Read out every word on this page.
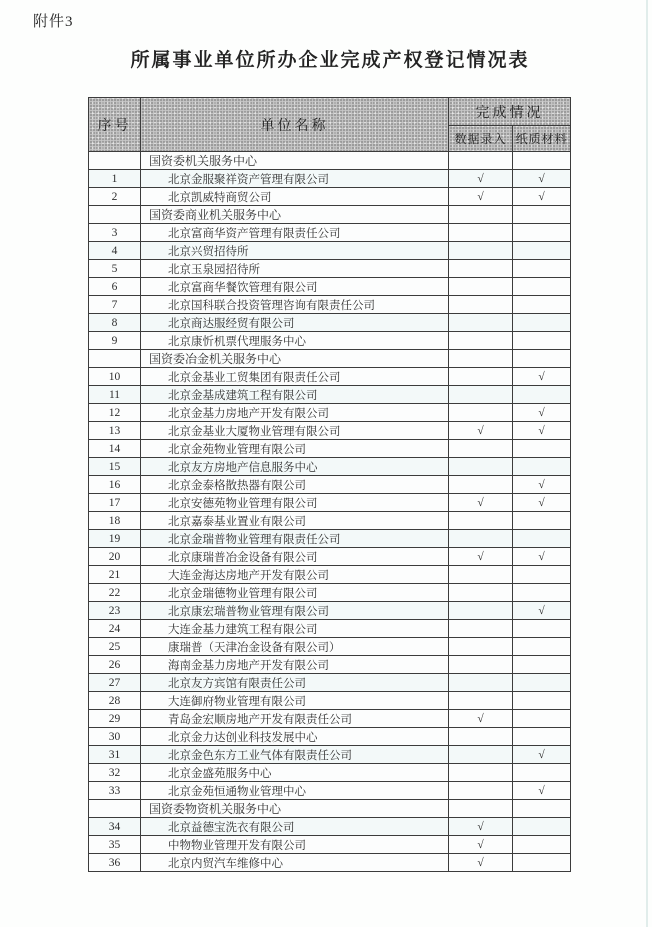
附件3
所属事业单位所办企业完成产权登记情况表
序号	单位名称	完成情况	
		数据录入	纸质材料
	国资委机关服务中心		
1	北京金服聚祥资产管理有限公司	√	√
2	北京凯威特商贸公司	√	√
	国资委商业机关服务中心		
3	北京富商华资产管理有限责任公司		
4	北京兴贸招待所		
5	北京玉泉园招待所		
6	北京富商华餐饮管理有限公司		
7	北京国科联合投资管理咨询有限责任公司		
8	北京商达服经贸有限公司		
9	北京康忻机票代理服务中心		
	国资委冶金机关服务中心		
10	北京金基业工贸集团有限责任公司		√
11	北京金基成建筑工程有限公司		
12	北京金基力房地产开发有限公司		√
13	北京金基业大厦物业管理有限公司	√	√
14	北京金苑物业管理有限公司		
15	北京友方房地产信息服务中心		
16	北京金泰格散热器有限公司		√
17	北京安德苑物业管理有限公司	√	√
18	北京嘉泰基业置业有限公司		
19	北京金瑞普物业管理有限责任公司		
20	北京康瑞普冶金设备有限公司	√	√
21	大连金海达房地产开发有限公司		
22	北京金瑞德物业管理有限公司		
23	北京康宏瑞普物业管理有限公司		√
24	大连金基力建筑工程有限公司		
25	康瑞普（天津冶金设备有限公司）		
26	海南金基力房地产开发有限公司		
27	北京友方宾馆有限责任公司		
28	大连御府物业管理有限公司		
29	青岛金宏顺房地产开发有限责任公司	√	
30	北京金力达创业科技发展中心		
31	北京金色东方工业气体有限责任公司		√
32	北京金盛苑服务中心		
33	北京金苑恒通物业管理中心		√
	国资委物资机关服务中心		
34	北京益德宝洗衣有限公司	√	
35	中物物业管理开发有限公司	√	
36	北京内贸汽车维修中心	√	
